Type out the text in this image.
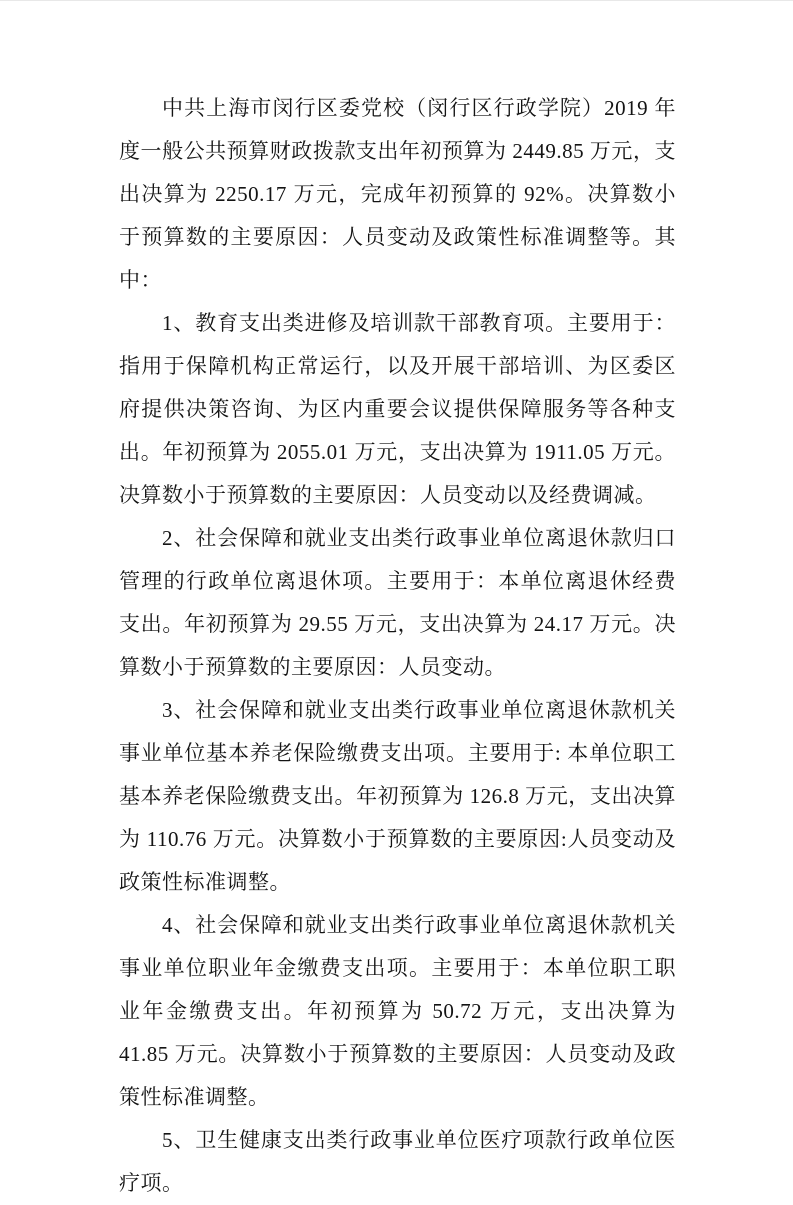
中共上海市闵行区委党校（闵行区行政学院）2019 年度一般公共预算财政拨款支出年初预算为 2449.85 万元，支出决算为 2250.17 万元，完成年初预算的 92%。决算数小于预算数的主要原因：人员变动及政策性标准调整等。其中：

1、教育支出类进修及培训款干部教育项。主要用于：指用于保障机构正常运行，以及开展干部培训、为区委区府提供决策咨询、为区内重要会议提供保障服务等各种支出。年初预算为 2055.01 万元，支出决算为 1911.05 万元。决算数小于预算数的主要原因：人员变动以及经费调减。

2、社会保障和就业支出类行政事业单位离退休款归口管理的行政单位离退休项。主要用于：本单位离退休经费支出。年初预算为 29.55 万元，支出决算为 24.17 万元。决算数小于预算数的主要原因：人员变动。

3、社会保障和就业支出类行政事业单位离退休款机关事业单位基本养老保险缴费支出项。主要用于: 本单位职工基本养老保险缴费支出。年初预算为 126.8 万元，支出决算为 110.76 万元。决算数小于预算数的主要原因:人员变动及政策性标准调整。

4、社会保障和就业支出类行政事业单位离退休款机关事业单位职业年金缴费支出项。主要用于：本单位职工职业年金缴费支出。年初预算为 50.72 万元，支出决算为 41.85 万元。决算数小于预算数的主要原因：人员变动及政策性标准调整。

5、卫生健康支出类行政事业单位医疗项款行政单位医疗项。
